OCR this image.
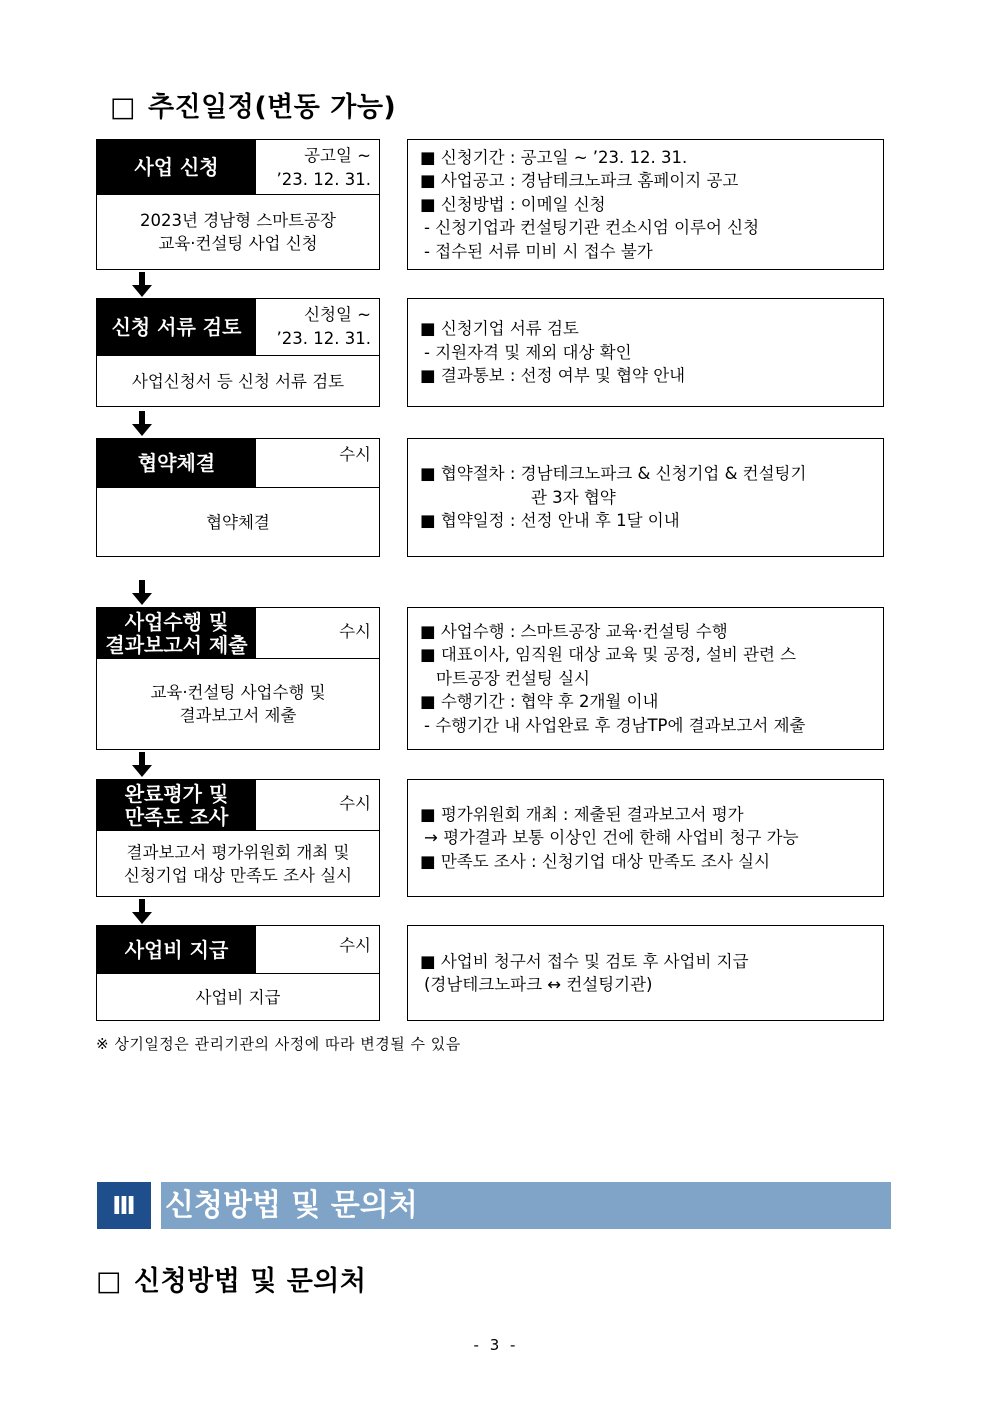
□ 추진일정(변동 가능)
사업 신청	공고일 ~
’23. 12. 31.
2023년 경남형 스마트공장
교육·컨설팅 사업 신청
■ 신청기간 : 공고일 ~ ’23. 12. 31.
■ 사업공고 : 경남테크노파크 홈페이지 공고
■ 신청방법 : 이메일 신청
- 신청기업과 컨설팅기관 컨소시엄 이루어 신청
- 접수된 서류 미비 시 접수 불가
신청 서류 검토
신청일 ~
’23. 12. 31.
사업신청서 등 신청 서류 검토
■ 신청기업 서류 검토
- 지원자격 및 제외 대상 확인
■ 결과통보 : 선정 여부 및 협약 안내
협약체결	수시
협약체결
■ 협약절차 : 경남테크노파크 & 신청기업 & 컨설팅기
관 3자 협약
■ 협약일정 : 선정 안내 후 1달 이내
사업수행 및
결과보고서 제출
수시
교육·컨설팅 사업수행 및
결과보고서 제출
■ 사업수행 : 스마트공장 교육·컨설팅 수행
■ 대표이사, 임직원 대상 교육 및 공정, 설비 관련 스
마트공장 컨설팅 실시
■ 수행기간 : 협약 후 2개월 이내
- 수행기간 내 사업완료 후 경남TP에 결과보고서 제출
완료평가 및
만족도 조사
수시
결과보고서 평가위원회 개최 및
신청기업 대상 만족도 조사 실시
■ 평가위원회 개최 : 제출된 결과보고서 평가
→ 평가결과 보통 이상인 건에 한해 사업비 청구 가능
■ 만족도 조사 : 신청기업 대상 만족도 조사 실시
사업비 지급	수시
사업비 지급
■ 사업비 청구서 접수 및 검토 후 사업비 지급
(경남테크노파크 ↔ 컨설팅기관)
※ 상기일정은 관리기관의 사정에 따라 변경될 수 있음
Ⅲ 신청방법 및 문의처
□ 신청방법 및 문의처
- 3 -
